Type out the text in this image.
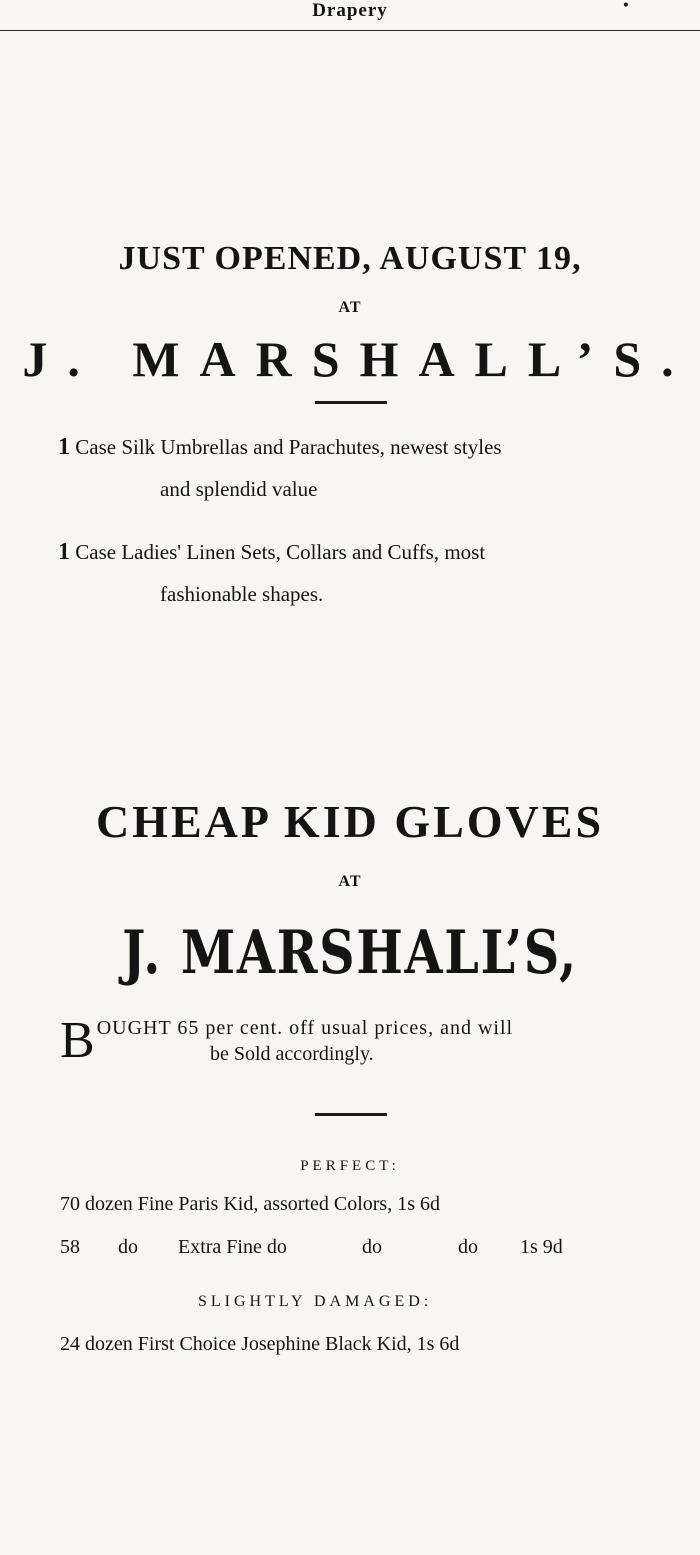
Drapery	•
JUST OPENED, AUGUST 19,
AT
J. MARSHALL’S.
1 Case Silk Umbrellas and Parachutes, newest styles
and splendid value
1 Case Ladies' Linen Sets, Collars and Cuffs, most
fashionable shapes.
CHEAP KID GLOVES
AT
J. MARSHALL’S,
B OUGHT 65 per cent. off usual prices, and will
be Sold accordingly.
PERFECT:
70 dozen Fine Paris Kid, assorted Colors, 1s 6d
58 do Extra Fine do	do	do 1s 9d
SLIGHTLY DAMAGED:
24 dozen First Choice Josephine Black Kid, 1s 6d
